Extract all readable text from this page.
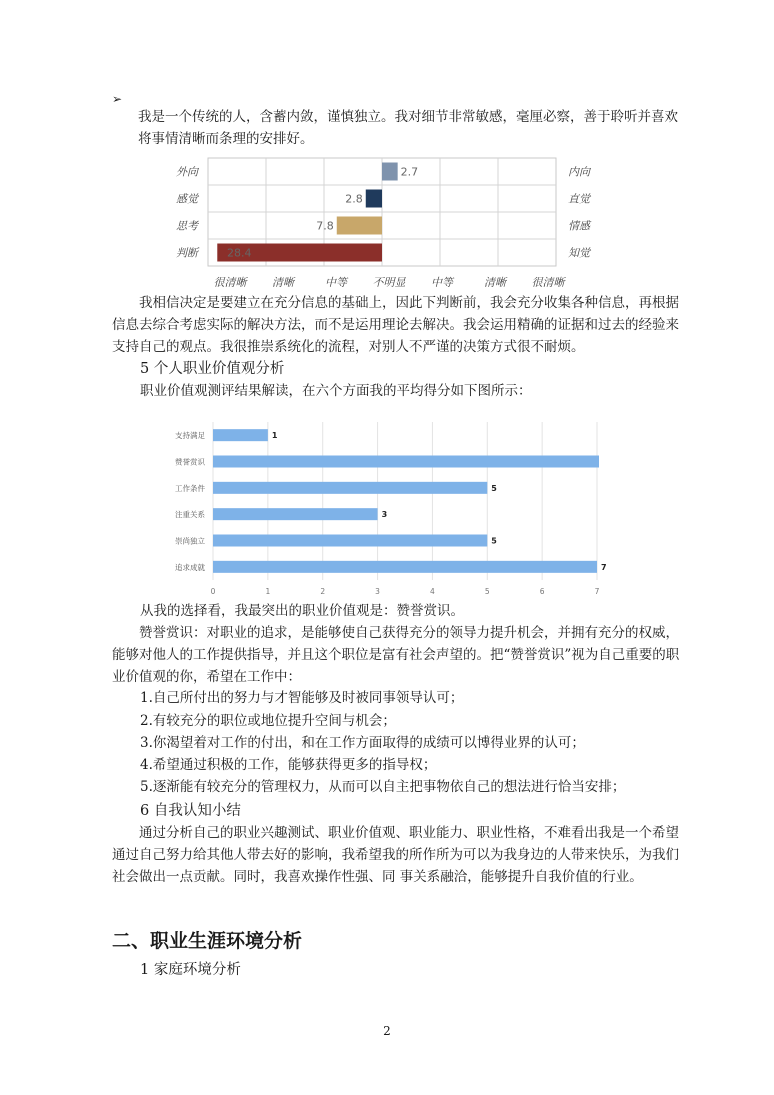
➢

我是一个传统的人，含蓄内敛，谨慎独立。我对细节非常敏感，毫厘必察，善于聆听并喜欢将事情清晰而条理的安排好。

2.7
外向	内向
2.8
感觉	直觉
7.8
思考	情感
28.4
判断	知觉
很清晰 清晰	中等 不明显 中等	清晰 很清晰

我相信决定是要建立在充分信息的基础上，因此下判断前，我会充分收集各种信息，再根据信息去综合考虑实际的解决方法，而不是运用理论去解决。我会运用精确的证据和过去的经验来支持自己的观点。我很推崇系统化的流程，对别人不严谨的决策方式很不耐烦。

5 个人职业价值观分析

职业价值观测评结果解读，在六个方面我的平均得分如下图所示：

0	1	2	3	4	5	6	7
支持满足	1
赞誉赏识
工作条件	5
注重关系	3
崇尚独立	5
追求成就	7

从我的选择看，我最突出的职业价值观是：赞誉赏识。

赞誉赏识：对职业的追求，是能够使自己获得充分的领导力提升机会，并拥有充分的权威，能够对他人的工作提供指导，并且这个职位是富有社会声望的。把“赞誉赏识”视为自己重要的职业价值观的你，希望在工作中：

1.自己所付出的努力与才智能够及时被同事领导认可；

2.有较充分的职位或地位提升空间与机会；

3.你渴望着对工作的付出，和在工作方面取得的成绩可以博得业界的认可；

4.希望通过积极的工作，能够获得更多的指导权；

5.逐渐能有较充分的管理权力，从而可以自主把事物依自己的想法进行恰当安排；

6 自我认知小结

通过分析自己的职业兴趣测试、职业价值观、职业能力、职业性格，不难看出我是一个希望通过自己努力给其他人带去好的影响，我希望我的所作所为可以为我身边的人带来快乐，为我们社会做出一点贡献。同时，我喜欢操作性强、同 事关系融洽，能够提升自我价值的行业。

二、职业生涯环境分析
1 家庭环境分析
2
